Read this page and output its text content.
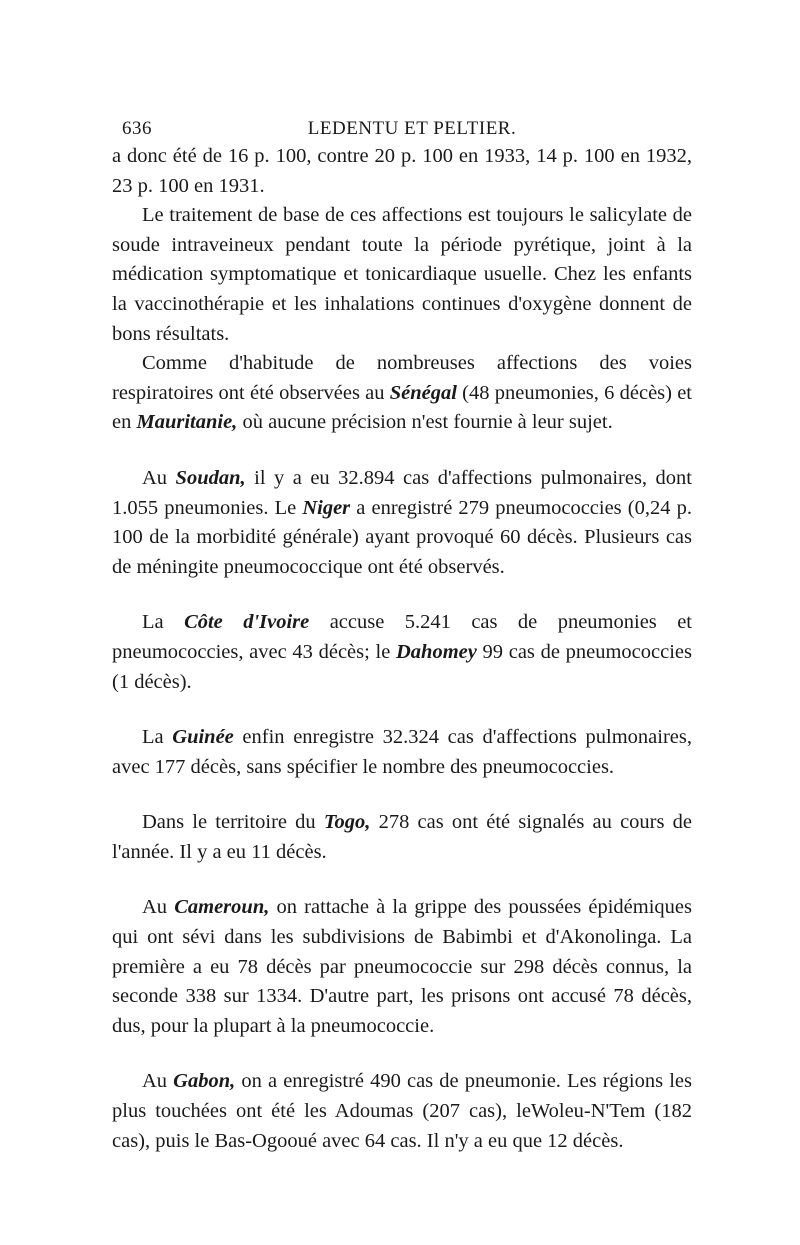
636	LEDENTU ET PELTIER.

a donc été de 16 p. 100, contre 20 p. 100 en 1933, 14 p. 100 en 1932, 23 p. 100 en 1931.

Le traitement de base de ces affections est toujours le salicylate de soude intraveineux pendant toute la période pyrétique, joint à la médication symptomatique et tonicardiaque usuelle. Chez les enfants la vaccinothérapie et les inhalations continues d'oxygène donnent de bons résultats.

Comme d'habitude de nombreuses affections des voies respiratoires ont été observées au Sénégal (48 pneumonies, 6 décès) et en Mauritanie, où aucune précision n'est fournie à leur sujet.

Au Soudan, il y a eu 32.894 cas d'affections pulmonaires, dont 1.055 pneumonies. Le Niger a enregistré 279 pneumococcies (0,24 p. 100 de la morbidité générale) ayant provoqué 60 décès. Plusieurs cas de méningite pneumococcique ont été observés.

La Côte d'Ivoire accuse 5.241 cas de pneumonies et pneumococcies, avec 43 décès; le Dahomey 99 cas de pneumococcies (1 décès).

La Guinée enfin enregistre 32.324 cas d'affections pulmonaires, avec 177 décès, sans spécifier le nombre des pneumococcies.

Dans le territoire du Togo, 278 cas ont été signalés au cours de l'année. Il y a eu 11 décès.

Au Cameroun, on rattache à la grippe des poussées épidémiques qui ont sévi dans les subdivisions de Babimbi et d'Akonolinga. La première a eu 78 décès par pneumococcie sur 298 décès connus, la seconde 338 sur 1334. D'autre part, les prisons ont accusé 78 décès, dus, pour la plupart à la pneumococcie.

Au Gabon, on a enregistré 490 cas de pneumonie. Les régions les plus touchées ont été les Adoumas (207 cas), leWoleu-N'Tem (182 cas), puis le Bas-Ogooué avec 64 cas. Il n'y a eu que 12 décès.
